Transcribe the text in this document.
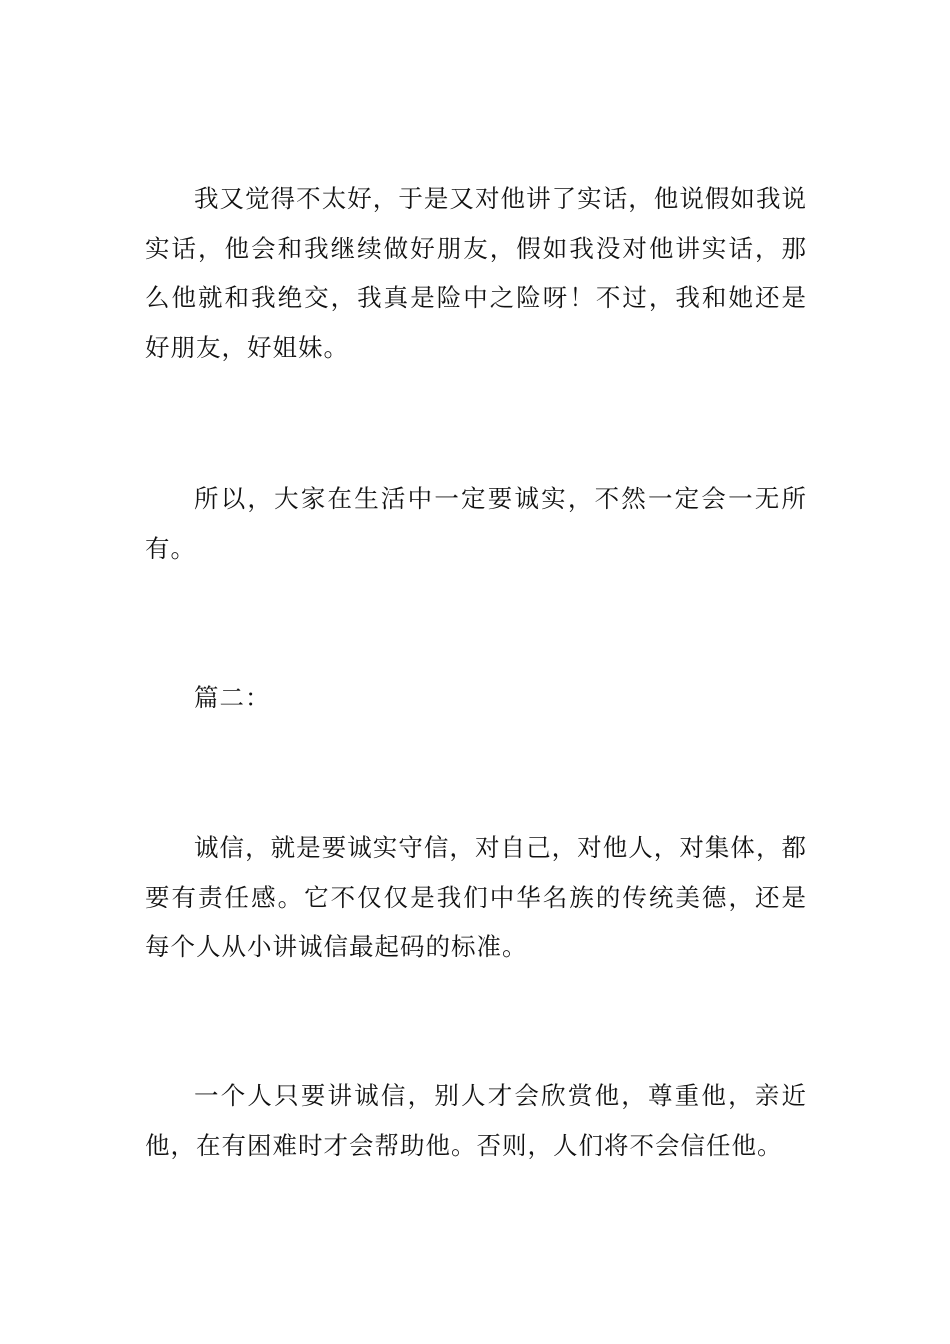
我又觉得不太好，于是又对他讲了实话，他说假如我说实话，他会和我继续做好朋友，假如我没对他讲实话，那么他就和我绝交，我真是险中之险呀！不过，我和她还是好朋友，好姐妹。

所以，大家在生活中一定要诚实，不然一定会一无所有。

篇二：

诚信，就是要诚实守信，对自己，对他人，对集体，都要有责任感。它不仅仅是我们中华名族的传统美德，还是每个人从小讲诚信最起码的标准。

一个人只要讲诚信，别人才会欣赏他，尊重他，亲近他，在有困难时才会帮助他。否则，人们将不会信任他。
